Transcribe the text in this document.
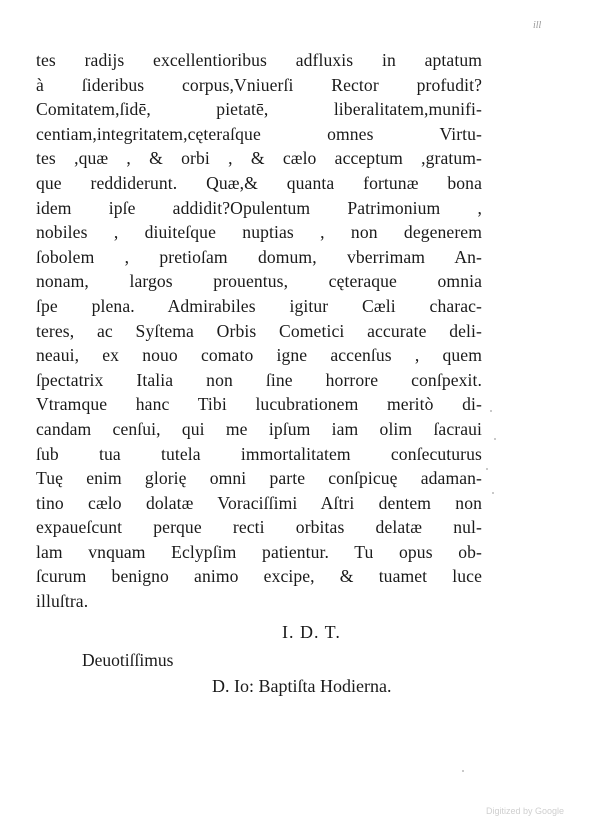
ill
tes radijs excellentioribus adfluxis in aptatum
à ſideribus corpus,Vniuerſi Rector profudit?
Comitatem,ſidē, pietatē, liberalitatem,munifi-
centiam,integritatem,cęteraſque omnes Virtu-
tes ,quæ , & orbi , & cælo acceptum ,gratum-
que reddiderunt. Quæ,& quanta fortunæ bona
idem ipſe addidit?Opulentum Patrimonium ,
nobiles , diuiteſque nuptias , non degenerem
ſobolem , pretioſam domum, vberrimam An-
nonam, largos prouentus, cęteraque omnia
ſpe plena. Admirabiles igitur Cæli charac-
teres, ac Syſtema Orbis Cometici accurate deli-
neaui, ex nouo comato igne accenſus , quem
ſpectatrix Italia non ſine horrore conſpexit.
Vtramque hanc Tibi lucubrationem meritò di-
candam cenſui, qui me ipſum iam olim ſacraui
ſub tua tutela immortalitatem conſecuturus
Tuę enim glorię omni parte conſpicuę adaman-
tino cælo dolatæ Voraciſſimi Aſtri dentem non
expaueſcunt perque recti orbitas delatæ nul-
lam vnquam Eclypſim patientur. Tu opus ob-
ſcurum benigno animo excipe, & tuamet luce
illuſtra.
I. D. T.
Deuotiſſimus
D. Io: Baptiſta Hodierna.
Digitized by Google
